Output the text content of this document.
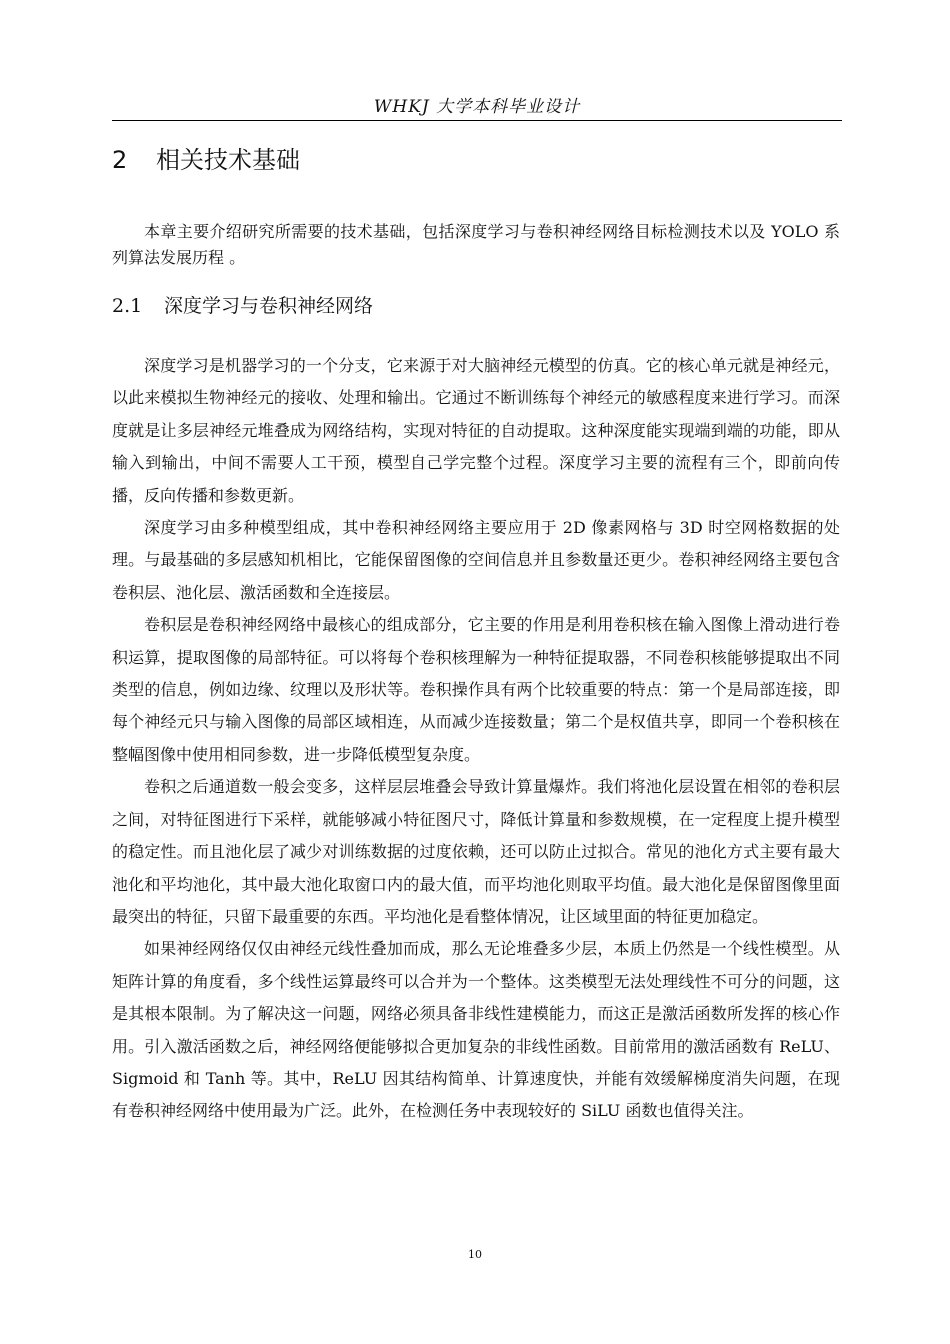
WHKJ 大学本科毕业设计
2 相关技术基础

本章主要介绍研究所需要的技术基础，包括深度学习与卷积神经网络目标检测技术以及 YOLO 系列算法发展历程 。

2.1 深度学习与卷积神经网络

深度学习是机器学习的一个分支，它来源于对大脑神经元模型的仿真。它的核心单元就是神经元，以此来模拟生物神经元的接收、处理和输出。它通过不断训练每个神经元的敏感程度来进行学习。而深度就是让多层神经元堆叠成为网络结构，实现对特征的自动提取。这种深度能实现端到端的功能，即从输入到输出，中间不需要人工干预，模型自己学完整个过程。深度学习主要的流程有三个，即前向传播，反向传播和参数更新。

深度学习由多种模型组成，其中卷积神经网络主要应用于 2D 像素网格与 3D 时空网格数据的处理。与最基础的多层感知机相比，它能保留图像的空间信息并且参数量还更少。卷积神经网络主要包含卷积层、池化层、激活函数和全连接层。

卷积层是卷积神经网络中最核心的组成部分，它主要的作用是利用卷积核在输入图像上滑动进行卷积运算，提取图像的局部特征。可以将每个卷积核理解为一种特征提取器，不同卷积核能够提取出不同类型的信息，例如边缘、纹理以及形状等。卷积操作具有两个比较重要的特点：第一个是局部连接，即每个神经元只与输入图像的局部区域相连，从而减少连接数量；第二个是权值共享，即同一个卷积核在整幅图像中使用相同参数，进一步降低模型复杂度。

卷积之后通道数一般会变多，这样层层堆叠会导致计算量爆炸。我们将池化层设置在相邻的卷积层之间，对特征图进行下采样，就能够减小特征图尺寸，降低计算量和参数规模，在一定程度上提升模型的稳定性。而且池化层了减少对训练数据的过度依赖，还可以防止过拟合。常见的池化方式主要有最大池化和平均池化，其中最大池化取窗口内的最大值，而平均池化则取平均值。最大池化是保留图像里面最突出的特征，只留下最重要的东西。平均池化是看整体情况，让区域里面的特征更加稳定。

如果神经网络仅仅由神经元线性叠加而成，那么无论堆叠多少层，本质上仍然是一个线性模型。从矩阵计算的角度看，多个线性运算最终可以合并为一个整体。这类模型无法处理线性不可分的问题，这是其根本限制。为了解决这一问题，网络必须具备非线性建模能力，而这正是激活函数所发挥的核心作用。引入激活函数之后，神经网络便能够拟合更加复杂的非线性函数。目前常用的激活函数有 ReLU、Sigmoid 和 Tanh 等。其中，ReLU 因其结构简单、计算速度快，并能有效缓解梯度消失问题，在现有卷积神经网络中使用最为广泛。此外，在检测任务中表现较好的 SiLU 函数也值得关注。

10
